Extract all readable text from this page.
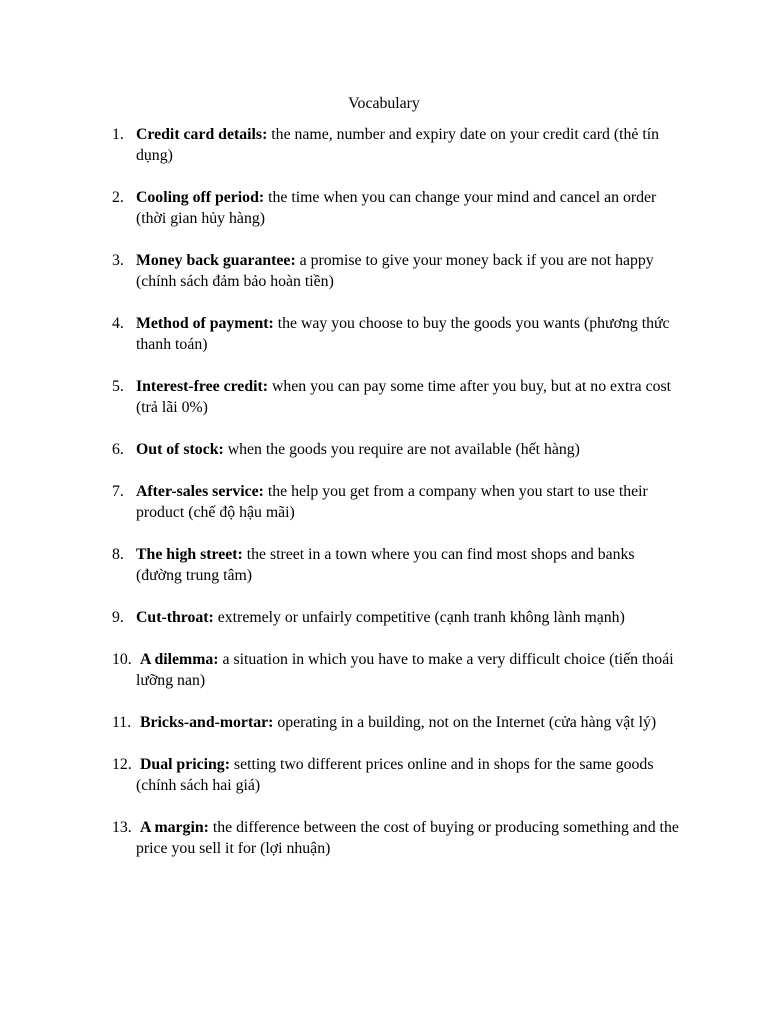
Vocabulary
1. Credit card details: the name, number and expiry date on your credit card (thẻ tín dụng)
2. Cooling off period: the time when you can change your mind and cancel an order (thời gian hủy hàng)
3. Money back guarantee: a promise to give your money back if you are not happy (chính sách đảm bảo hoàn tiền)
4. Method of payment: the way you choose to buy the goods you wants (phương thức thanh toán)
5. Interest-free credit: when you can pay some time after you buy, but at no extra cost (trả lãi 0%)
6. Out of stock: when the goods you require are not available (hết hàng)
7. After-sales service: the help you get from a company when you start to use their product (chế độ hậu mãi)
8. The high street: the street in a town where you can find most shops and banks (đường trung tâm)
9. Cut-throat: extremely or unfairly competitive (cạnh tranh không lành mạnh)
10. A dilemma: a situation in which you have to make a very difficult choice (tiến thoái lưỡng nan)
11. Bricks-and-mortar: operating in a building, not on the Internet (cửa hàng vật lý)
12. Dual pricing: setting two different prices online and in shops for the same goods (chính sách hai giá)
13. A margin: the difference between the cost of buying or producing something and the price you sell it for (lợi nhuận)
